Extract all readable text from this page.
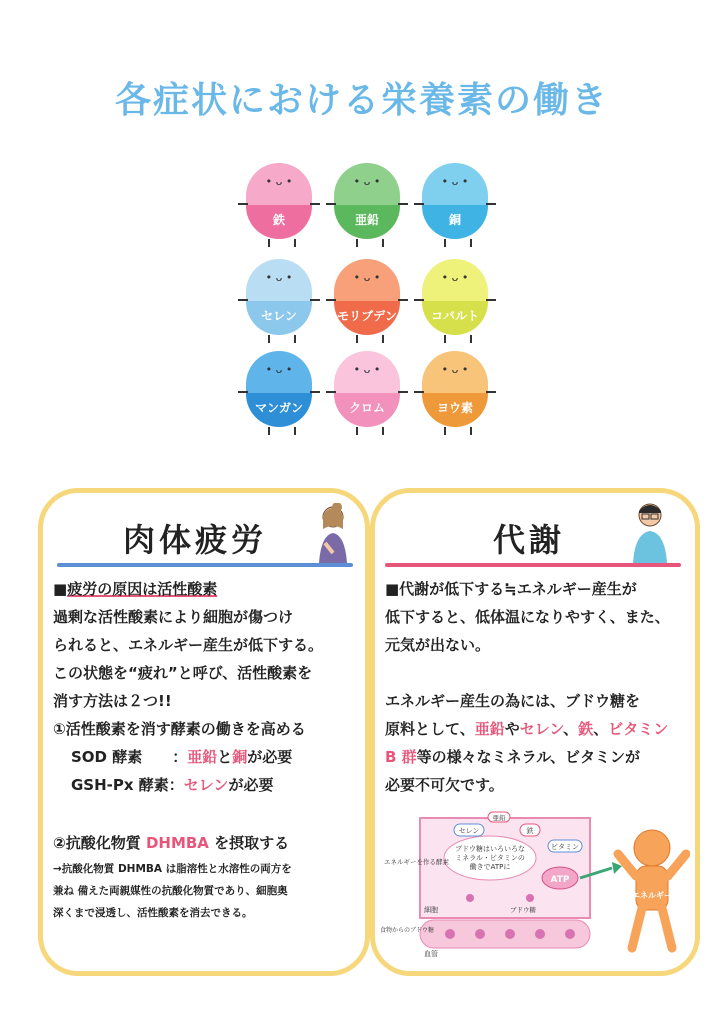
各症状における栄養素の働き
• ᴗ •
鉄
• ᴗ •
亜鉛
• ᴗ •
銅
• ᴗ •
セレン
• ᴗ •
モリブデン
• ᴗ •
コバルト
• ᴗ •
マンガン
• ᴗ •
クロム
• ᴗ •
ヨウ素
肉体疲労
■疲労の原因は活性酸素
過剰な活性酸素により細胞が傷つけ
られると、エネルギー産生が低下する。
この状態を“疲れ”と呼び、活性酸素を
消す方法は２つ!!
①活性酸素を消す酵素の働きを高める
SOD 酵素　　：亜鉛と銅が必要
GSH-Px 酵素：セレンが必要
②抗酸化物質 DHMBA を摂取する
→抗酸化物質 DHMBA は脂溶性と水溶性の両方を
兼ね 備えた両親媒性の抗酸化物質であり、細胞奥
深くまで浸透し、活性酸素を消去できる。
代謝
■代謝が低下する≒エネルギー産生が
低下すると、低体温になりやすく、また、
元気が出ない。
エネルギー産生の為には、ブドウ糖を
原料として、亜鉛やセレン、鉄、ビタミン
B 群等の様々なミネラル、ビタミンが
必要不可欠です。
ブドウ糖はいろいろな
ミネラル・ビタミンの
働きでATPに
ATP
セレン
ビタミン
鉄
亜鉛
エネルギーを作る酵素
細胞
血管
食物からのブドウ糖
ブドウ糖
エネルギー
